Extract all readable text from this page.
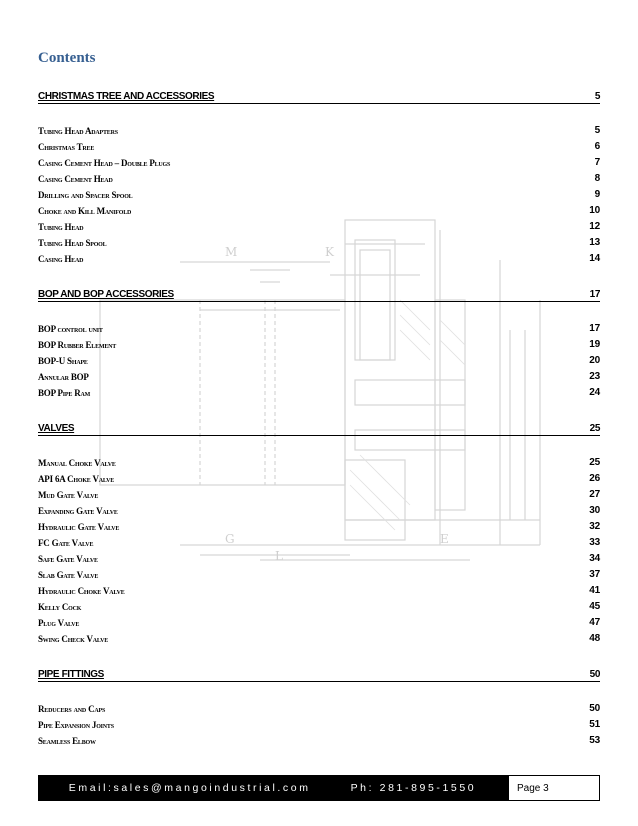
M	K
G
L
E
Contents
CHRISTMAS TREE AND ACCESSORIES	5
Tubing Head Adapters	5
Christmas Tree	6
Casing Cement Head – Double Plugs	7
Casing Cement Head	8
Drilling and Spacer Spool	9
Choke and Kill Manifold	10
Tubing Head	12
Tubing Head Spool	13
Casing Head	14
BOP AND BOP ACCESSORIES	17
BOP control unit	17
BOP Rubber Element	19
BOP-U Shape	20
Annular BOP	23
BOP Pipe Ram	24
VALVES	25
Manual Choke Valve	25
API 6A Choke Valve	26
Mud Gate Valve	27
Expanding Gate Valve	30
Hydraulic Gate Valve	32
FC Gate Valve	33
Safe Gate Valve	34
Slab Gate Valve	37
Hydraulic Choke Valve	41
Kelly Cock	45
Plug Valve	47
Swing Check Valve	48
PIPE FITTINGS	50
Reducers and Caps	50
Pipe Expansion Joints	51
Seamless Elbow	53
Email:sales@mangoindustrial.com	Ph: 281-895-1550	Page 3
